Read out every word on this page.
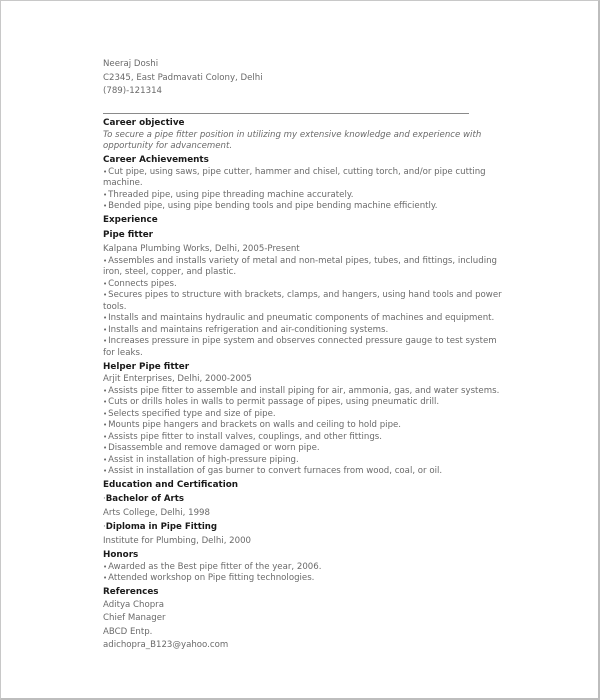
Neeraj Doshi
C2345, East Padmavati Colony, Delhi
(789)-121314
Career objective
To secure a pipe fitter position in utilizing my extensive knowledge and experience with opportunity for advancement.
Career Achievements
• Cut pipe, using saws, pipe cutter, hammer and chisel, cutting torch, and/or pipe cutting machine.
• Threaded pipe, using pipe threading machine accurately.
• Bended pipe, using pipe bending tools and pipe bending machine efficiently.
Experience
Pipe fitter
Kalpana Plumbing Works, Delhi, 2005-Present
• Assembles and installs variety of metal and non-metal pipes, tubes, and fittings, including iron, steel, copper, and plastic.
• Connects pipes.
• Secures pipes to structure with brackets, clamps, and hangers, using hand tools and power tools.
• Installs and maintains hydraulic and pneumatic components of machines and equipment.
• Installs and maintains refrigeration and air-conditioning systems.
• Increases pressure in pipe system and observes connected pressure gauge to test system for leaks.
Helper Pipe fitter
Arjit Enterprises, Delhi, 2000-2005
• Assists pipe fitter to assemble and install piping for air, ammonia, gas, and water systems.
• Cuts or drills holes in walls to permit passage of pipes, using pneumatic drill.
• Selects specified type and size of pipe.
• Mounts pipe hangers and brackets on walls and ceiling to hold pipe.
• Assists pipe fitter to install valves, couplings, and other fittings.
• Disassemble and remove damaged or worn pipe.
• Assist in installation of high-pressure piping.
• Assist in installation of gas burner to convert furnaces from wood, coal, or oil.
Education and Certification
· Bachelor of Arts
Arts College, Delhi, 1998
· Diploma in Pipe Fitting
Institute for Plumbing, Delhi, 2000
Honors
• Awarded as the Best pipe fitter of the year, 2006.
• Attended workshop on Pipe fitting technologies.
References
Aditya Chopra
Chief Manager
ABCD Entp.
adichopra_B123@yahoo.com
